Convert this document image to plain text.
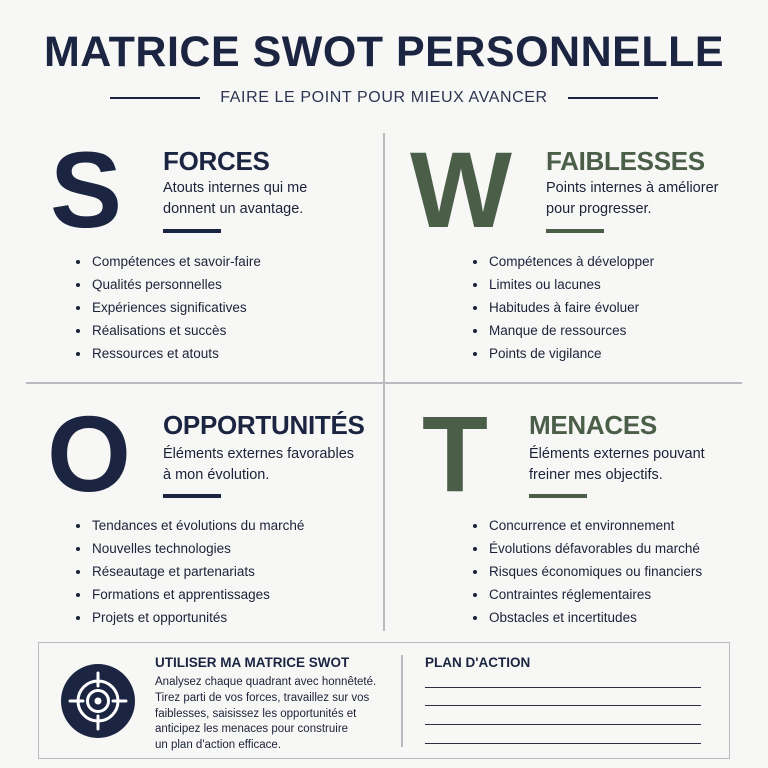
MATRICE SWOT PERSONNELLE
FAIRE LE POINT POUR MIEUX AVANCER
S FORCES
Atouts internes qui me
donnent un avantage.
Compétences et savoir-faire
Qualités personnelles
Expériences significatives
Réalisations et succès
Ressources et atouts
W FAIBLESSES
Points internes à améliorer
pour progresser.
Compétences à développer
Limites ou lacunes
Habitudes à faire évoluer
Manque de ressources
Points de vigilance
O OPPORTUNITÉS
Éléments externes favorables
à mon évolution.
Tendances et évolutions du marché
Nouvelles technologies
Réseautage et partenariats
Formations et apprentissages
Projets et opportunités
T MENACES
Éléments externes pouvant
freiner mes objectifs.
Concurrence et environnement
Évolutions défavorables du marché
Risques économiques ou financiers
Contraintes réglementaires
Obstacles et incertitudes
UTILISER MA MATRICE SWOT
Analysez chaque quadrant avec honnêteté.
Tirez parti de vos forces, travaillez sur vos
faiblesses, saisissez les opportunités et
anticipez les menaces pour construire
un plan d'action efficace.
PLAN D'ACTION
